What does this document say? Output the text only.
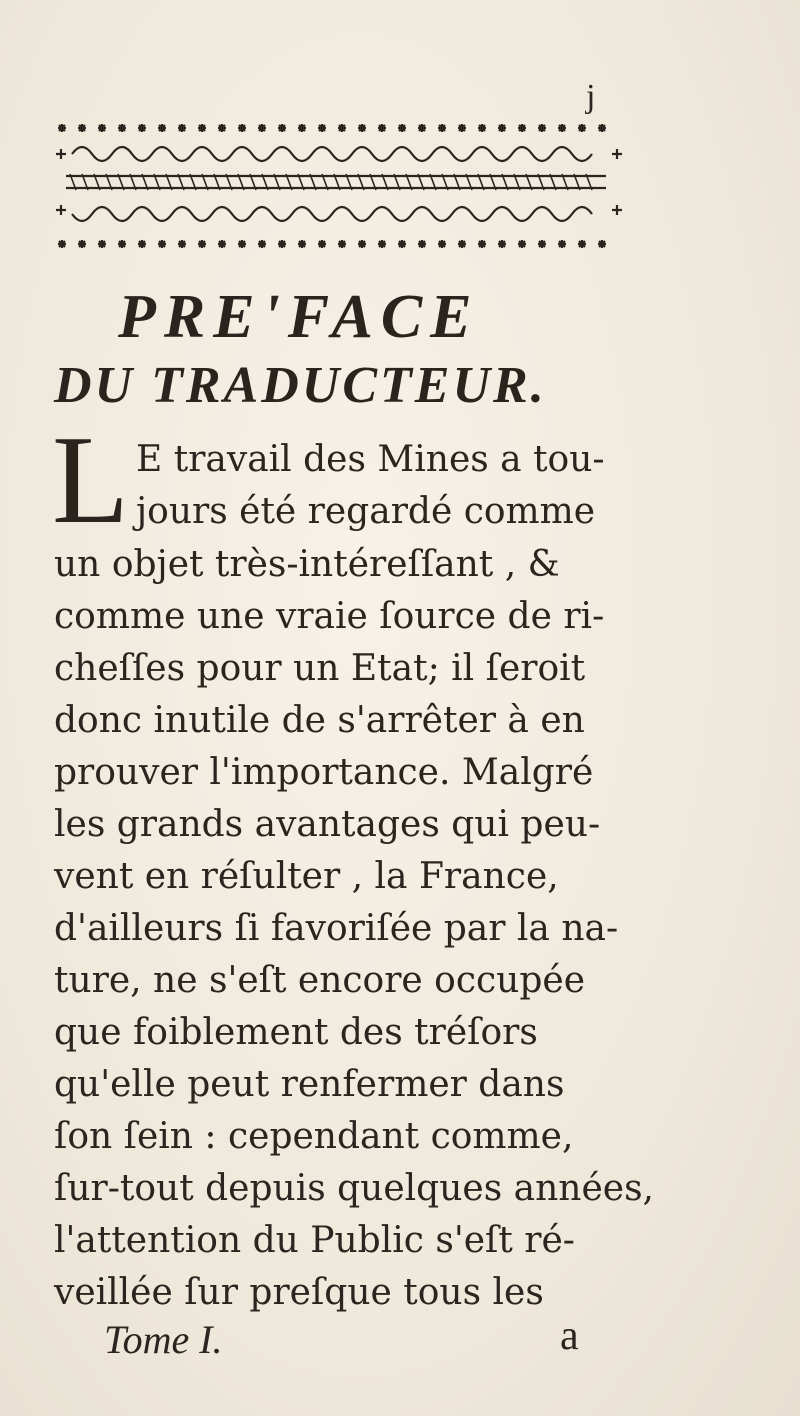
j
PRE'FACE
DU TRADUCTEUR.
L E travail des Mines a tou-
jours été regardé comme
un objet très-intéreſſant , &
comme une vraie ſource de ri-
cheſſes pour un Etat; il ſeroit
donc inutile de s'arrêter à en
prouver l'importance. Malgré
les grands avantages qui peu-
vent en réſulter , la France,
d'ailleurs ſi favoriſée par la na-
ture, ne s'eſt encore occupée
que foiblement des tréſors
qu'elle peut renfermer dans
ſon ſein : cependant comme,
ſur-tout depuis quelques années,
l'attention du Public s'eſt ré-
veillée ſur preſque tous les
Tome I.	a
